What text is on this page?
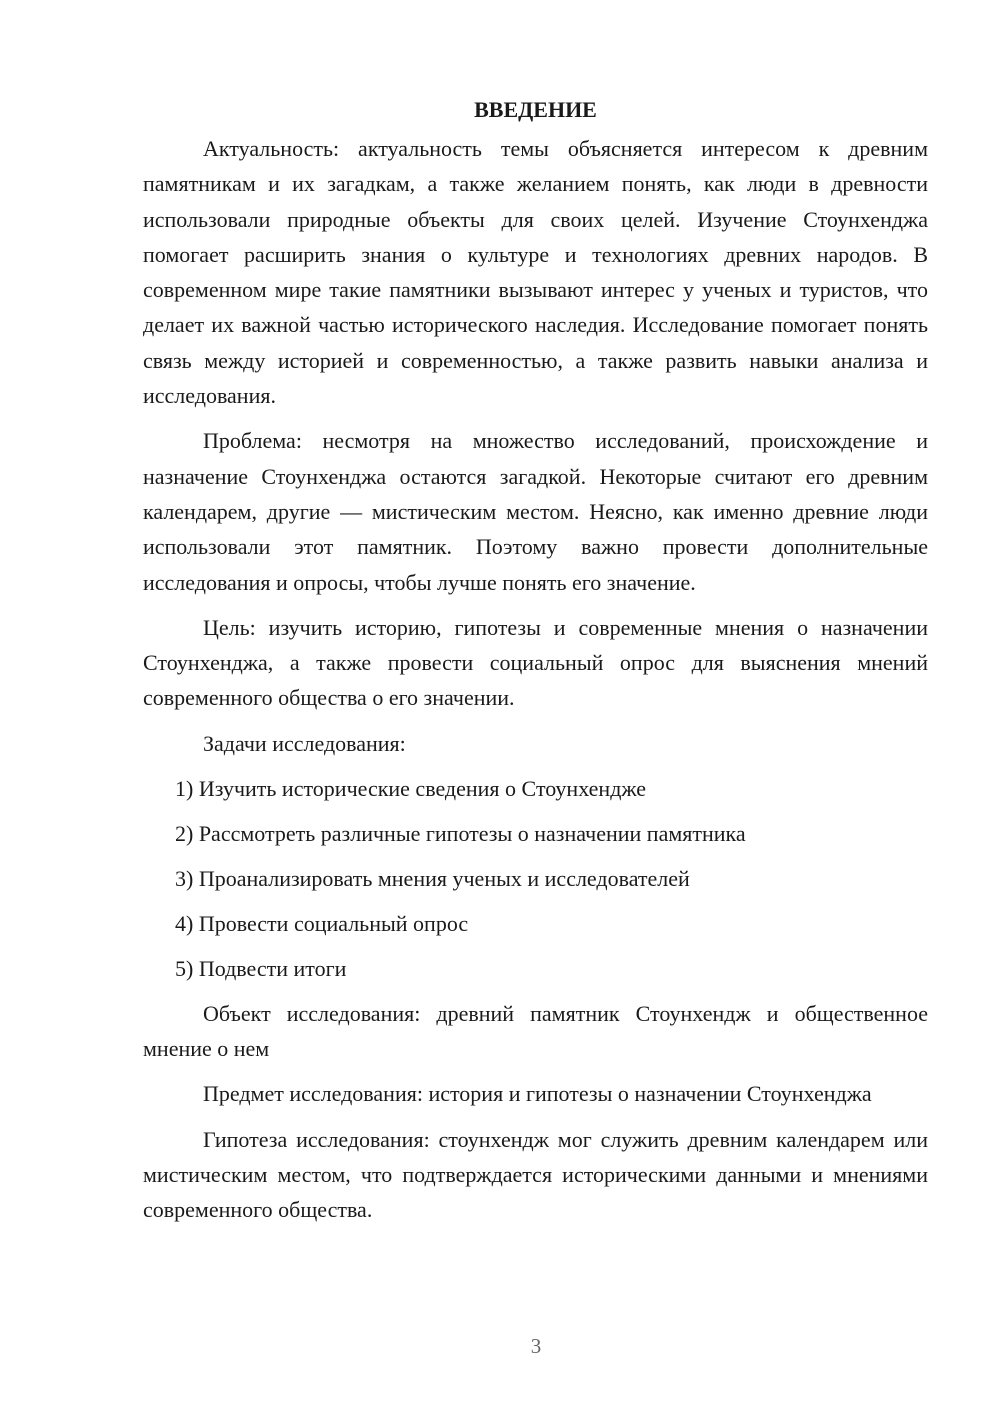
ВВЕДЕНИЕ

Актуальность: актуальность темы объясняется интересом к древним памятникам и их загадкам, а также желанием понять, как люди в древности использовали природные объекты для своих целей. Изучение Стоунхенджа помогает расширить знания о культуре и технологиях древних народов. В современном мире такие памятники вызывают интерес у ученых и туристов, что делает их важной частью исторического наследия. Исследование помогает понять связь между историей и современностью, а также развить навыки анализа и исследования.

Проблема: несмотря на множество исследований, происхождение и назначение Стоунхенджа остаются загадкой. Некоторые считают его древним календарем, другие — мистическим местом. Неясно, как именно древние люди использовали этот памятник. Поэтому важно провести дополнительные исследования и опросы, чтобы лучше понять его значение.

Цель: изучить историю, гипотезы и современные мнения о назначении Стоунхенджа, а также провести социальный опрос для выяснения мнений современного общества о его значении.

Задачи исследования:
1) Изучить исторические сведения о Стоунхендже
2) Рассмотреть различные гипотезы о назначении памятника
3) Проанализировать мнения ученых и исследователей
4) Провести социальный опрос
5) Подвести итоги

Объект исследования: древний памятник Стоунхендж и общественное мнение о нем

Предмет исследования: история и гипотезы о назначении Стоунхенджа

Гипотеза исследования: стоунхендж мог служить древним календарем или мистическим местом, что подтверждается историческими данными и мнениями современного общества.

3
